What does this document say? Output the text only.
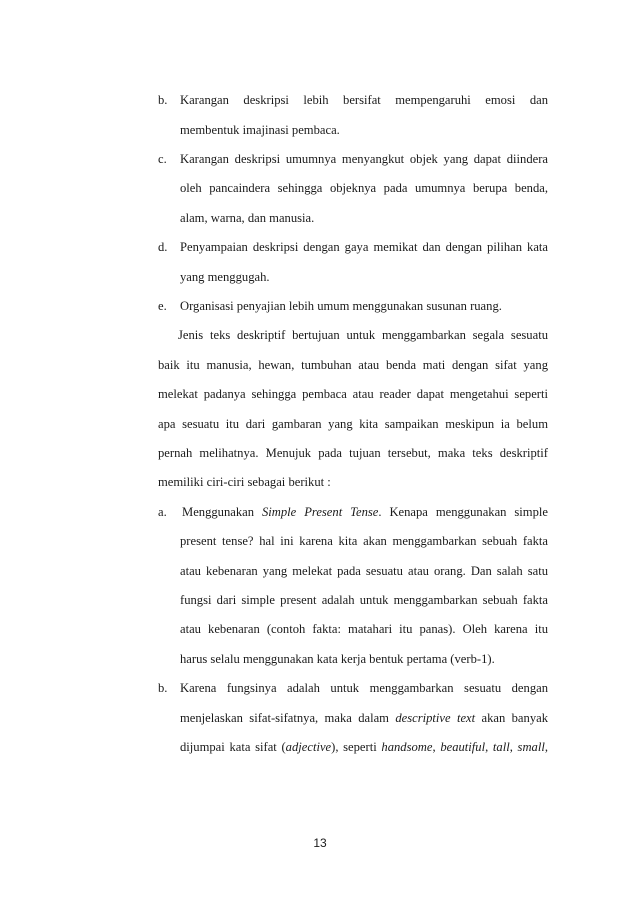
b. Karangan deskripsi lebih bersifat mempengaruhi emosi dan
membentuk imajinasi pembaca.
c. Karangan deskripsi umumnya menyangkut objek yang dapat diindera
oleh pancaindera sehingga objeknya pada umumnya berupa benda,
alam, warna, dan manusia.
d. Penyampaian deskripsi dengan gaya memikat dan dengan pilihan kata
yang menggugah.
e. Organisasi penyajian lebih umum menggunakan susunan ruang.
Jenis teks deskriptif bertujuan untuk menggambarkan segala sesuatu
baik itu manusia, hewan, tumbuhan atau benda mati dengan sifat yang
melekat padanya sehingga pembaca atau reader dapat mengetahui seperti
apa sesuatu itu dari gambaran yang kita sampaikan meskipun ia belum
pernah melihatnya. Menujuk pada tujuan tersebut, maka teks deskriptif
memiliki ciri-ciri sebagai berikut :
a. Menggunakan Simple Present Tense. Kenapa menggunakan simple
present tense? hal ini karena kita akan menggambarkan sebuah fakta
atau kebenaran yang melekat pada sesuatu atau orang. Dan salah satu
fungsi dari simple present adalah untuk menggambarkan sebuah fakta
atau kebenaran (contoh fakta: matahari itu panas). Oleh karena itu
harus selalu menggunakan kata kerja bentuk pertama (verb-1).
b. Karena fungsinya adalah untuk menggambarkan sesuatu dengan
menjelaskan sifat-sifatnya, maka dalam descriptive text akan banyak
dijumpai kata sifat (adjective), seperti handsome, beautiful, tall, small,
13
